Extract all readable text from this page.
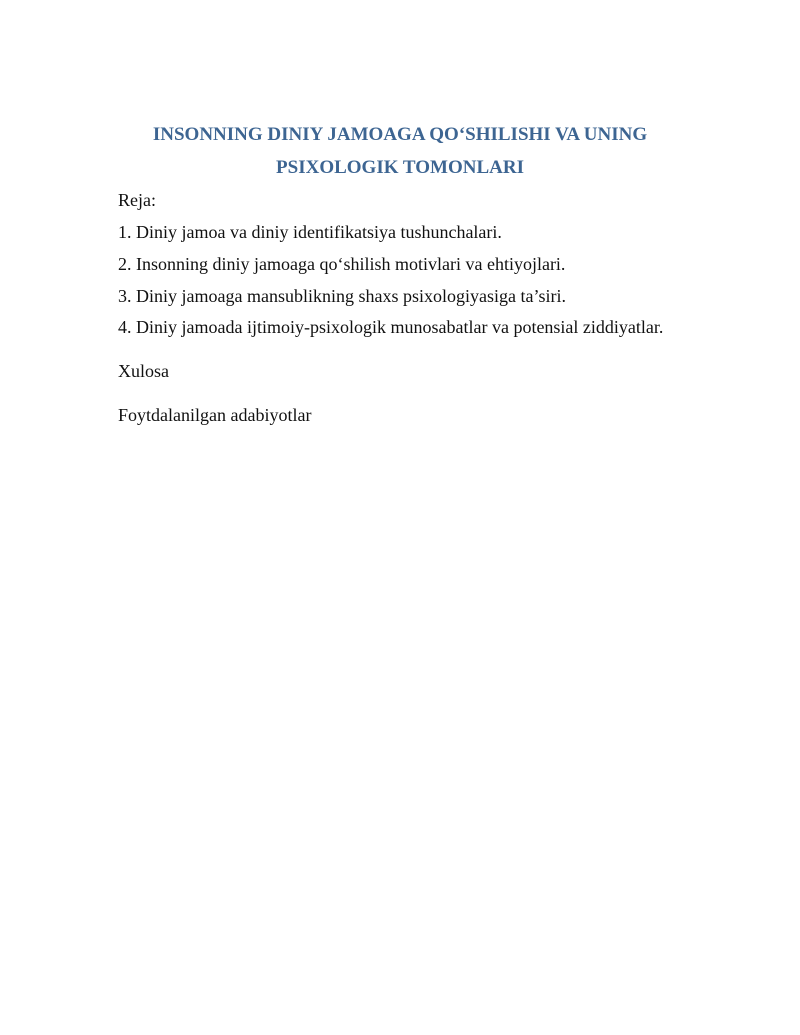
INSONNING DINIY JAMOAGA QO‘SHILISHI VA UNING
PSIXOLOGIK TOMONLARI

Reja:

1. Diniy jamoa va diniy identifikatsiya tushunchalari.

2. Insonning diniy jamoaga qo‘shilish motivlari va ehtiyojlari.

3. Diniy jamoaga mansublikning shaxs psixologiyasiga ta’siri.

4. Diniy jamoada ijtimoiy-psixologik munosabatlar va potensial ziddiyatlar.

Xulosa

Foytdalanilgan adabiyotlar
